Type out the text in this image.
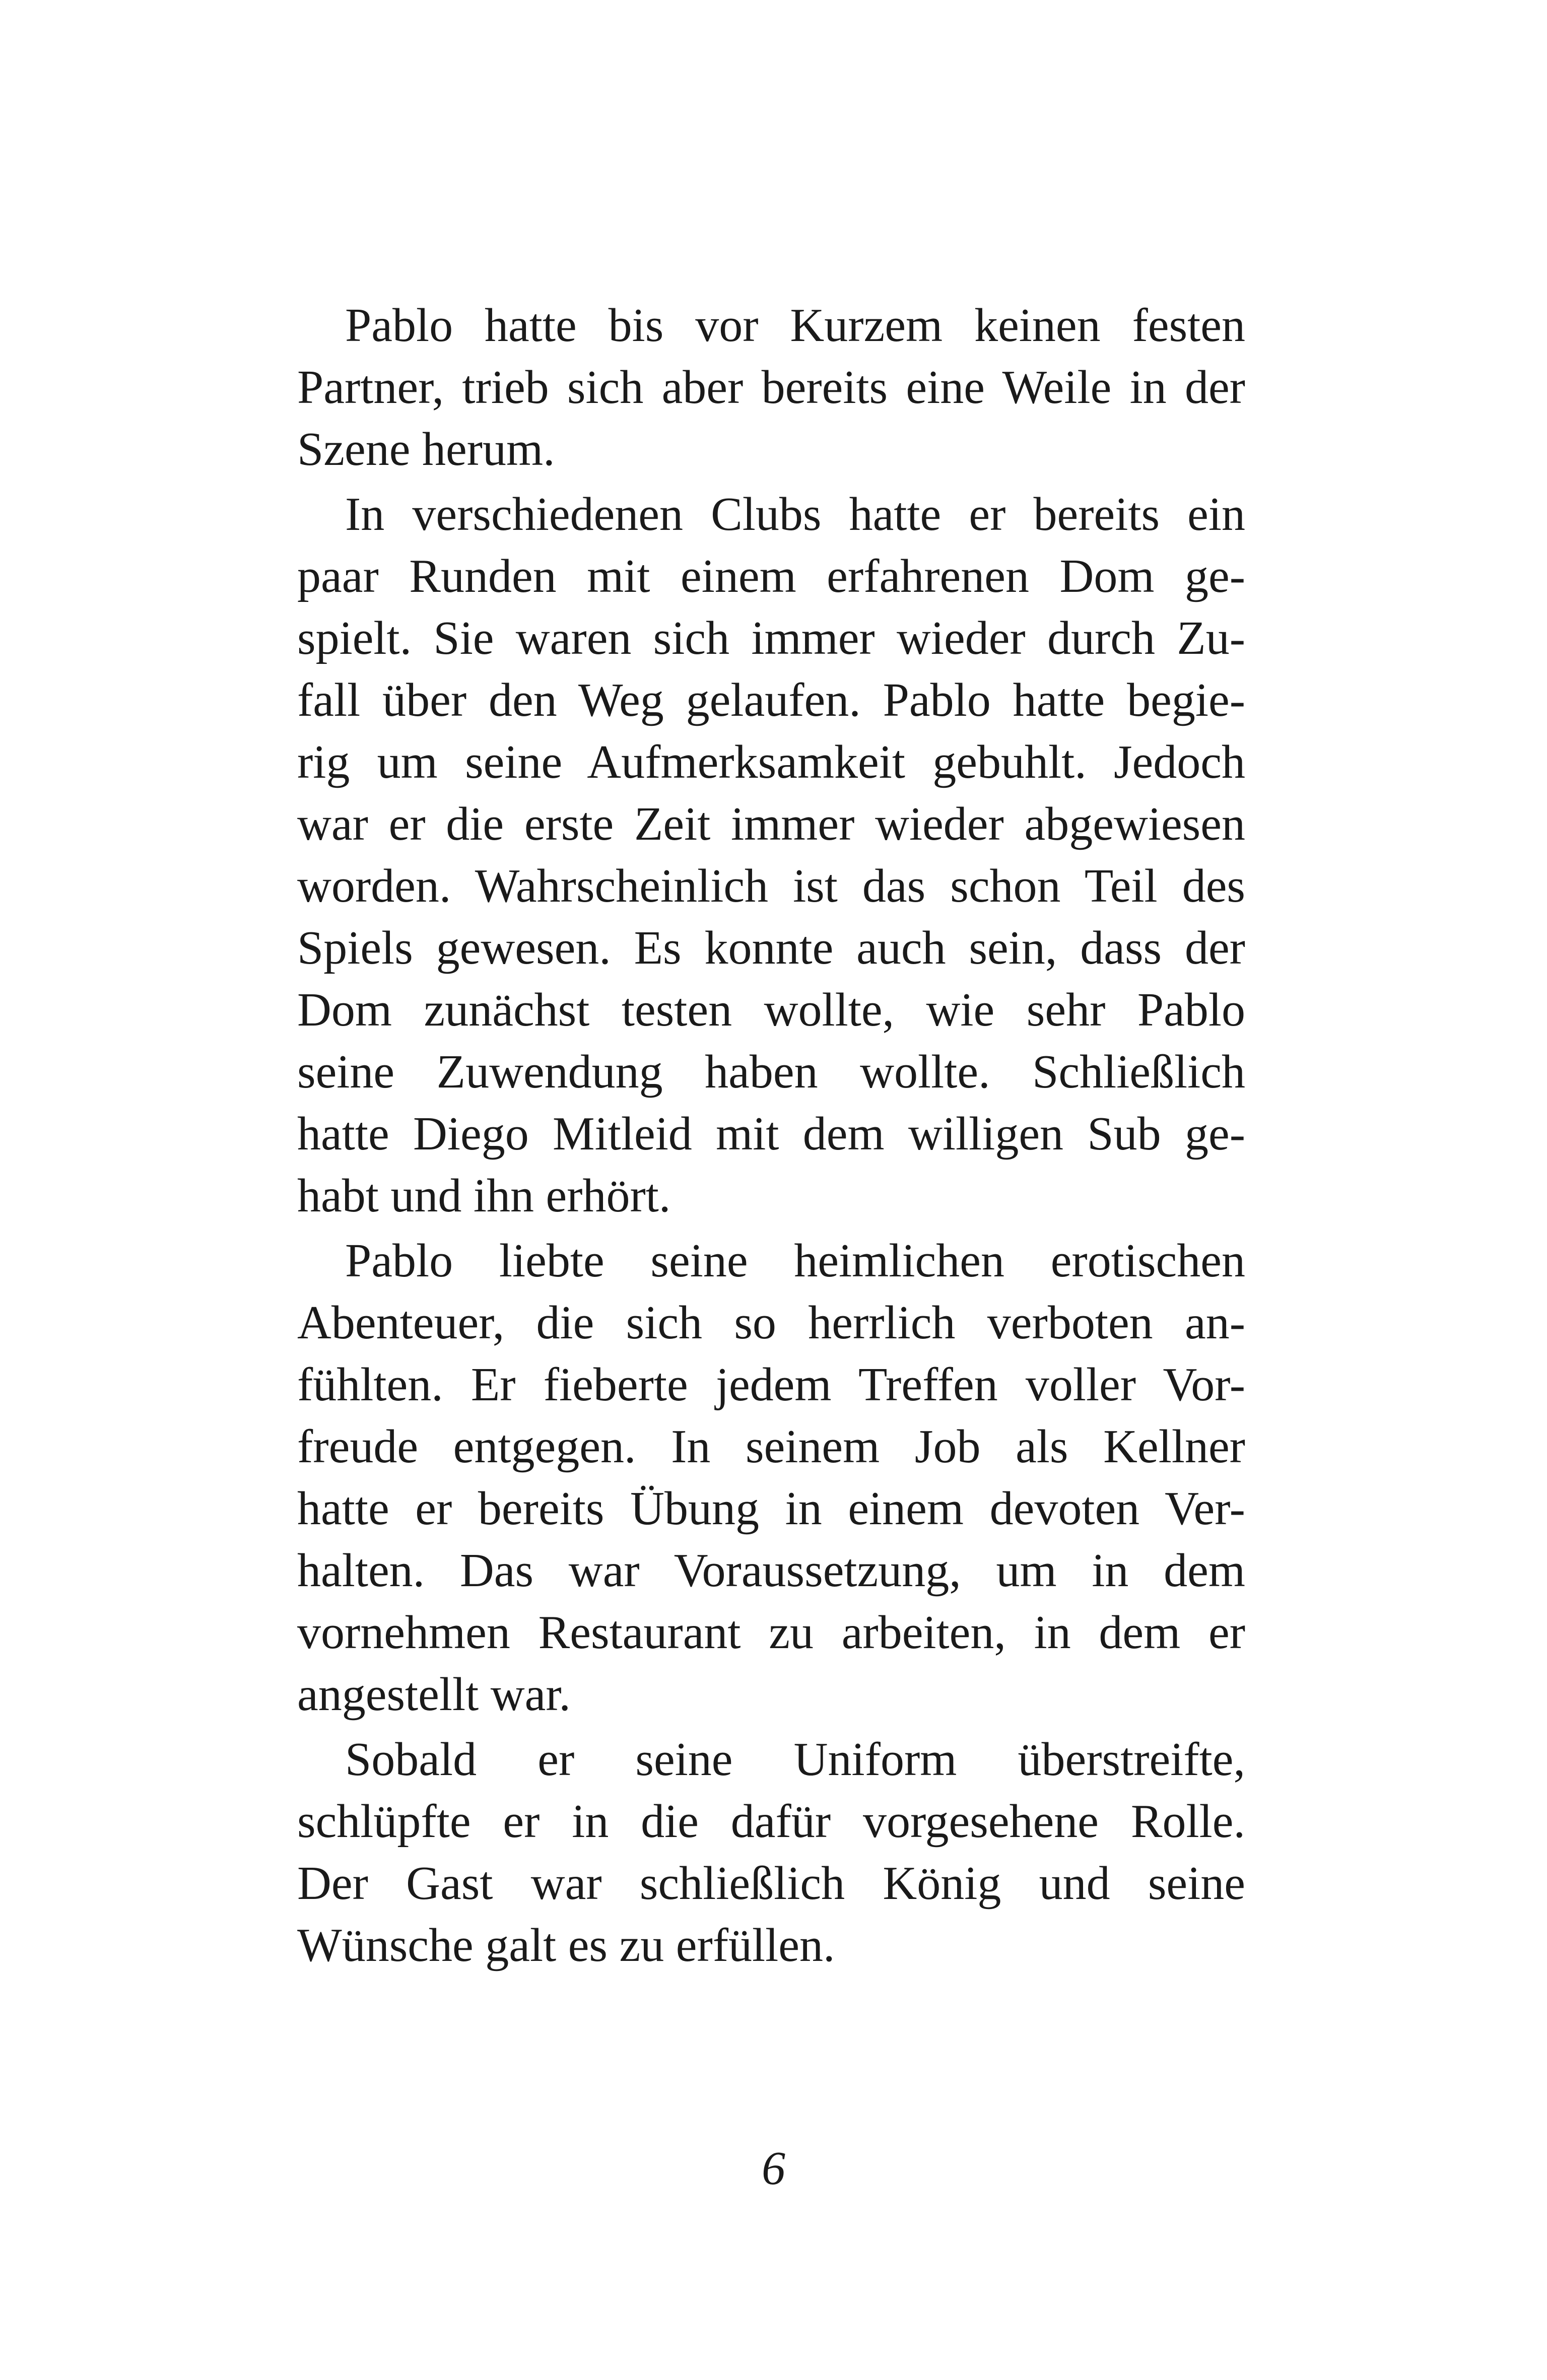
Pablo hatte bis vor Kurzem keinen festen
Partner, trieb sich aber bereits eine Weile in der
Szene herum.
In verschiedenen Clubs hatte er bereits ein
paar Runden mit einem erfahrenen Dom ge-
spielt. Sie waren sich immer wieder durch Zu-
fall über den Weg gelaufen. Pablo hatte begie-
rig um seine Aufmerksamkeit gebuhlt. Jedoch
war er die erste Zeit immer wieder abgewiesen
worden. Wahrscheinlich ist das schon Teil des
Spiels gewesen. Es konnte auch sein, dass der
Dom zunächst testen wollte, wie sehr Pablo
seine Zuwendung haben wollte. Schließlich
hatte Diego Mitleid mit dem willigen Sub ge-
habt und ihn erhört.
Pablo liebte seine heimlichen erotischen
Abenteuer, die sich so herrlich verboten an-
fühlten. Er fieberte jedem Treffen voller Vor-
freude entgegen. In seinem Job als Kellner
hatte er bereits Übung in einem devoten Ver-
halten. Das war Voraussetzung, um in dem
vornehmen Restaurant zu arbeiten, in dem er
angestellt war.
Sobald er seine Uniform überstreifte,
schlüpfte er in die dafür vorgesehene Rolle.
Der Gast war schließlich König und seine
Wünsche galt es zu erfüllen.
6
